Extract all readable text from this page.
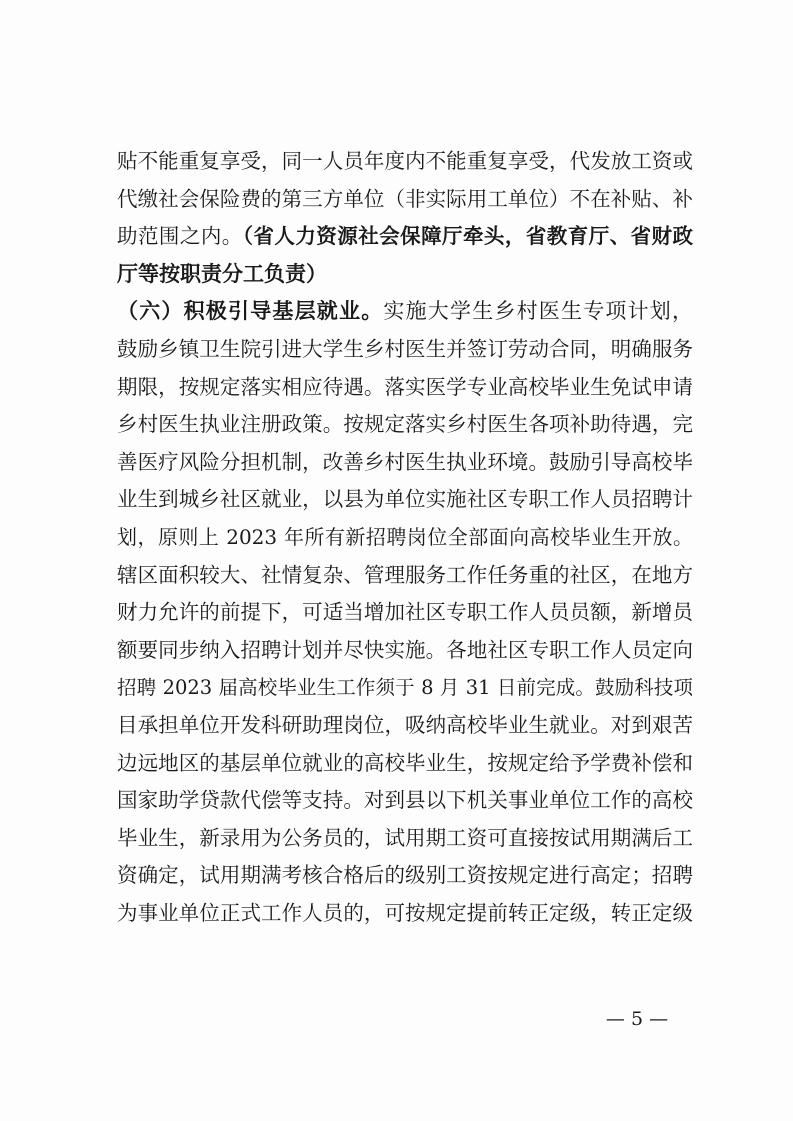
贴不能重复享受，同一人员年度内不能重复享受，代发放工资或
代缴社会保险费的第三方单位（非实际用工单位）不在补贴、补
助范围之内。（省人力资源社会保障厅牵头，省教育厅、省财政
厅等按职责分工负责）
（六）积极引导基层就业。实施大学生乡村医生专项计划，
鼓励乡镇卫生院引进大学生乡村医生并签订劳动合同，明确服务
期限，按规定落实相应待遇。落实医学专业高校毕业生免试申请
乡村医生执业注册政策。按规定落实乡村医生各项补助待遇，完
善医疗风险分担机制，改善乡村医生执业环境。鼓励引导高校毕
业生到城乡社区就业，以县为单位实施社区专职工作人员招聘计
划，原则上 2023 年所有新招聘岗位全部面向高校毕业生开放。
辖区面积较大、社情复杂、管理服务工作任务重的社区，在地方
财力允许的前提下，可适当增加社区专职工作人员员额，新增员
额要同步纳入招聘计划并尽快实施。各地社区专职工作人员定向
招聘 2023 届高校毕业生工作须于 8 月 31 日前完成。鼓励科技项
目承担单位开发科研助理岗位，吸纳高校毕业生就业。对到艰苦
边远地区的基层单位就业的高校毕业生，按规定给予学费补偿和
国家助学贷款代偿等支持。对到县以下机关事业单位工作的高校
毕业生，新录用为公务员的，试用期工资可直接按试用期满后工
资确定，试用期满考核合格后的级别工资按规定进行高定；招聘
为事业单位正式工作人员的，可按规定提前转正定级，转正定级
— 5 —
